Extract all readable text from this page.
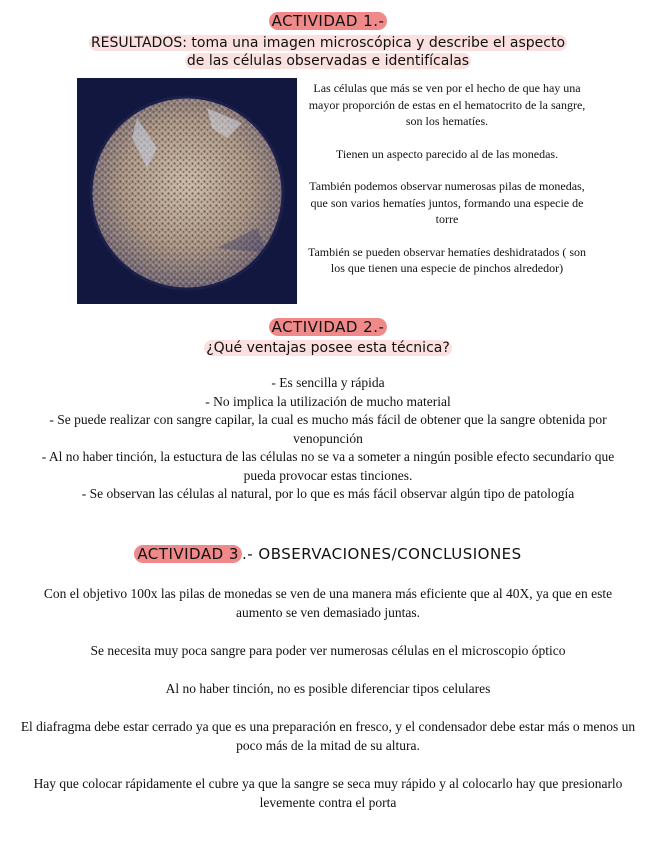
ACTIVIDAD 1.-
RESULTADOS: toma una imagen microscópica y describe el aspecto
de las células observadas e identifícalas

Las células que más se ven por el hecho de que hay una mayor proporción de estas en el hematocrito de la sangre, son los hematíes.

Tienen un aspecto parecido al de las monedas.

También podemos observar numerosas pilas de monedas, que son varios hematíes juntos, formando una especie de torre

También se pueden observar hematíes deshidratados ( son los que tienen una especie de pinchos alrededor)

ACTIVIDAD 2.-
¿Qué ventajas posee esta técnica?
- Es sencilla y rápida
- No implica la utilización de mucho material
- Se puede realizar con sangre capilar, la cual es mucho más fácil de obtener que la sangre obtenida por venopunción
- Al no haber tinción, la estuctura de las células no se va a someter a ningún posible efecto secundario que pueda provocar estas tinciones.
- Se observan las células al natural, por lo que es más fácil observar algún tipo de patología
ACTIVIDAD 3 .- OBSERVACIONES/CONCLUSIONES

Con el objetivo 100x las pilas de monedas se ven de una manera más eficiente que al 40X, ya que en este aumento se ven demasiado juntas.

Se necesita muy poca sangre para poder ver numerosas células en el microscopio óptico

Al no haber tinción, no es posible diferenciar tipos celulares

El diafragma debe estar cerrado ya que es una preparación en fresco, y el condensador debe estar más o menos un poco más de la mitad de su altura.

Hay que colocar rápidamente el cubre ya que la sangre se seca muy rápido y al colocarlo hay que presionarlo levemente contra el porta
